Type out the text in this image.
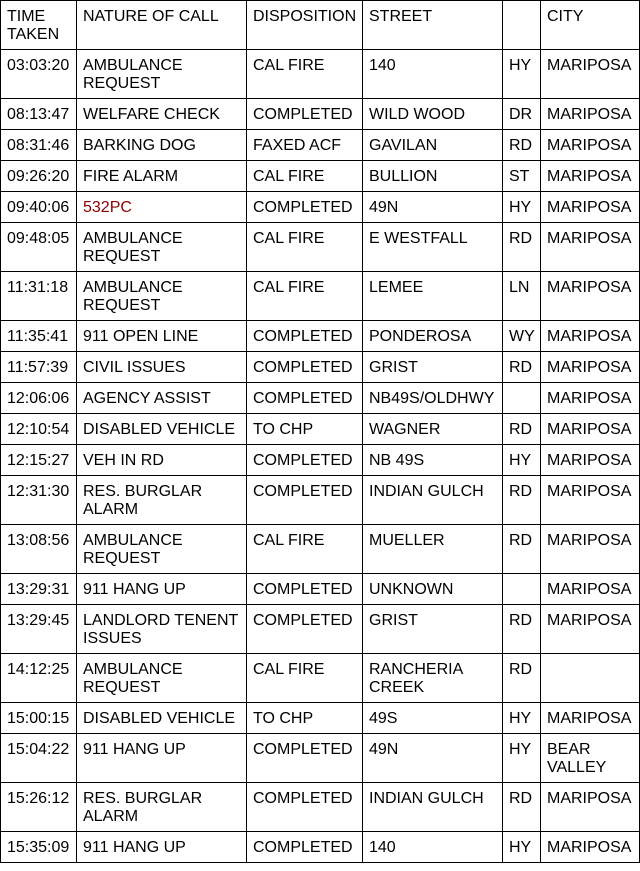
TIME
TAKEN	NATURE OF CALL	DISPOSITION	STREET		CITY
03:03:20	AMBULANCE
REQUEST	CAL FIRE	140	HY	MARIPOSA
08:13:47	WELFARE CHECK	COMPLETED	WILD WOOD	DR	MARIPOSA
08:31:46	BARKING DOG	FAXED ACF	GAVILAN	RD	MARIPOSA
09:26:20	FIRE ALARM	CAL FIRE	BULLION	ST	MARIPOSA
09:40:06	532PC	COMPLETED	49N	HY	MARIPOSA
09:48:05	AMBULANCE
REQUEST	CAL FIRE	E WESTFALL	RD	MARIPOSA
11:31:18	AMBULANCE
REQUEST	CAL FIRE	LEMEE	LN	MARIPOSA
11:35:41	911 OPEN LINE	COMPLETED	PONDEROSA	WY	MARIPOSA
11:57:39	CIVIL ISSUES	COMPLETED	GRIST	RD	MARIPOSA
12:06:06	AGENCY ASSIST	COMPLETED	NB49S/OLDHWY		MARIPOSA
12:10:54	DISABLED VEHICLE	TO CHP	WAGNER	RD	MARIPOSA
12:15:27	VEH IN RD	COMPLETED	NB 49S	HY	MARIPOSA
12:31:30	RES. BURGLAR
ALARM	COMPLETED	INDIAN GULCH	RD	MARIPOSA
13:08:56	AMBULANCE
REQUEST	CAL FIRE	MUELLER	RD	MARIPOSA
13:29:31	911 HANG UP	COMPLETED	UNKNOWN		MARIPOSA
13:29:45	LANDLORD TENENT
ISSUES	COMPLETED	GRIST	RD	MARIPOSA
14:12:25	AMBULANCE
REQUEST	CAL FIRE	RANCHERIA
CREEK	RD	
15:00:15	DISABLED VEHICLE	TO CHP	49S	HY	MARIPOSA
15:04:22	911 HANG UP	COMPLETED	49N	HY	BEAR
VALLEY
15:26:12	RES. BURGLAR
ALARM	COMPLETED	INDIAN GULCH	RD	MARIPOSA
15:35:09	911 HANG UP	COMPLETED	140	HY	MARIPOSA
